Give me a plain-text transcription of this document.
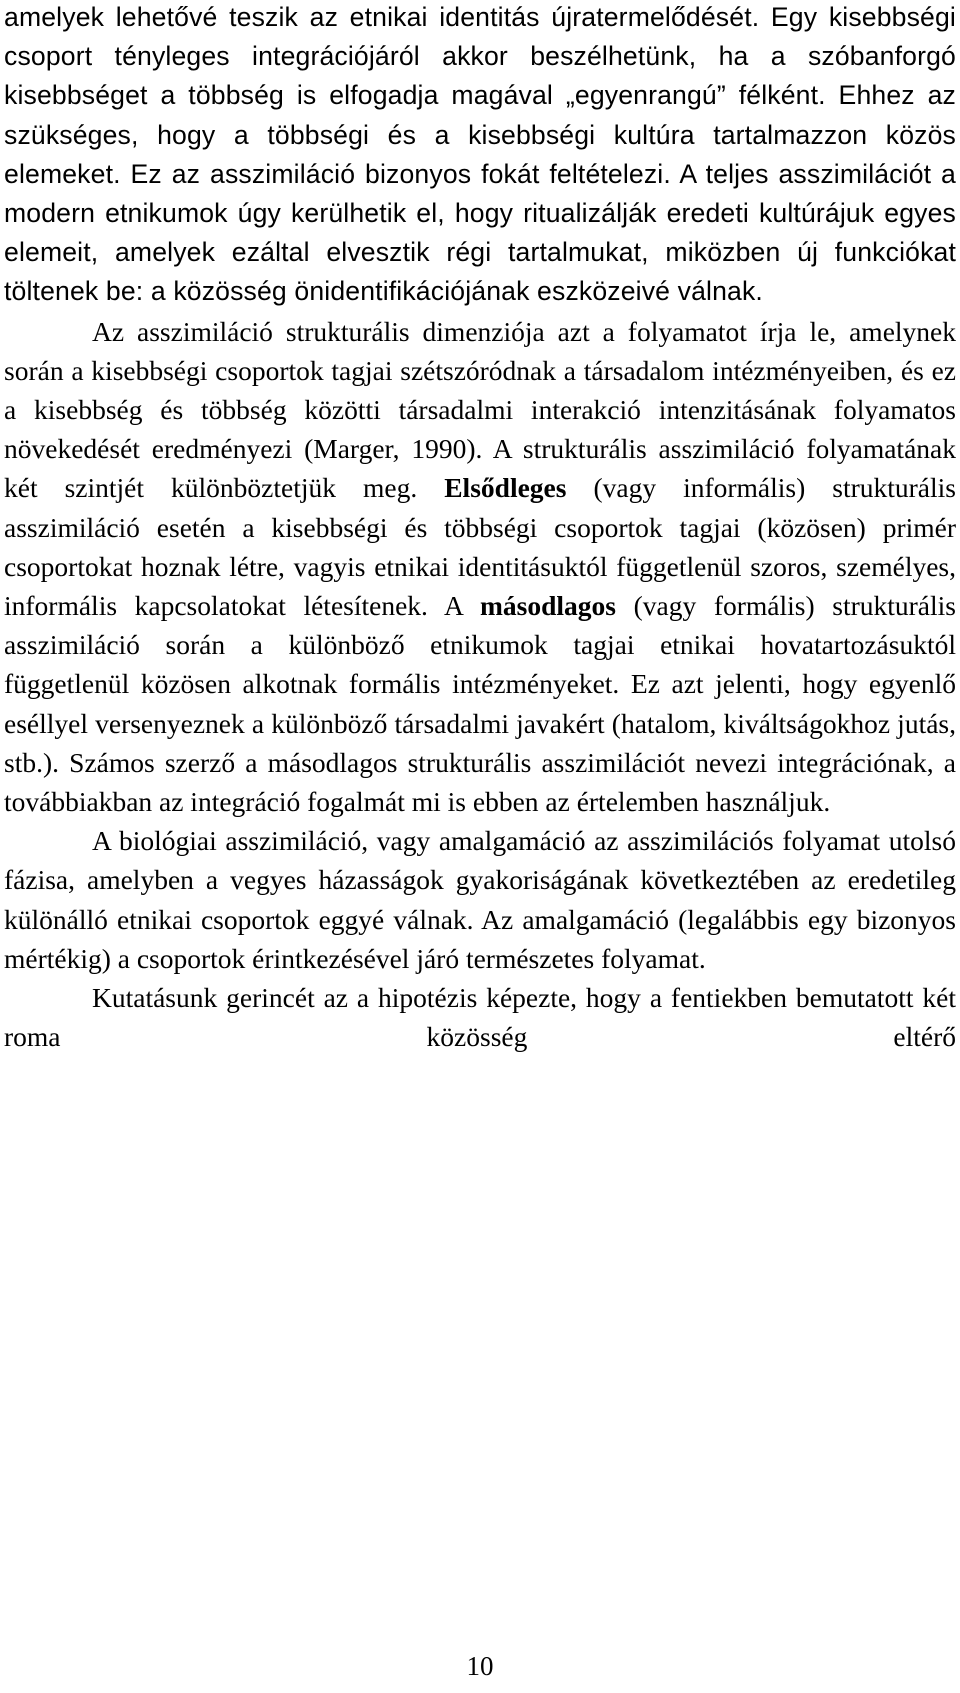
amelyek lehetővé teszik az etnikai identitás újratermelődését. Egy kisebbségi csoport tényleges integrációjáról akkor beszélhetünk, ha a szóbanforgó kisebbséget a többség is elfogadja magával „egyenrangú” félként. Ehhez az szükséges, hogy a többségi és a kisebbségi kultúra tartalmazzon közös elemeket. Ez az asszimiláció bizonyos fokát feltételezi. A teljes asszimilációt a modern etnikumok úgy kerülhetik el, hogy ritualizálják eredeti kultúrájuk egyes elemeit, amelyek ezáltal elvesztik régi tartalmukat, miközben új funkciókat töltenek be: a közösség önidentifikációjának eszközeivé válnak.

Az asszimiláció strukturális dimenziója azt a folyamatot írja le, amelynek során a kisebbségi csoportok tagjai szétszóródnak a társadalom intézményeiben, és ez a kisebbség és többség közötti társadalmi interakció intenzitásának folyamatos növekedését eredményezi (Marger, 1990). A strukturális asszimiláció folyamatának két szintjét különböztetjük meg. Elsődleges (vagy informális) strukturális asszimiláció esetén a kisebbségi és többségi csoportok tagjai (közösen) primér csoportokat hoznak létre, vagyis etnikai identitásuktól függetlenül szoros, személyes, informális kapcsolatokat létesítenek. A másodlagos (vagy formális) strukturális asszimiláció során a különböző etnikumok tagjai etnikai hovatartozásuktól függetlenül közösen alkotnak formális intézményeket. Ez azt jelenti, hogy egyenlő eséllyel versenyeznek a különböző társadalmi javakért (hatalom, kiváltságokhoz jutás, stb.). Számos szerző a másodlagos strukturális asszimilációt nevezi integrációnak, a továbbiakban az integráció fogalmát mi is ebben az értelemben használjuk.

A biológiai asszimiláció, vagy amalgamáció az asszimilációs folyamat utolsó fázisa, amelyben a vegyes házasságok gyakoriságának következtében az eredetileg különálló etnikai csoportok eggyé válnak. Az amalgamáció (legalábbis egy bizonyos mértékig) a csoportok érintkezésével járó természetes folyamat.

Kutatásunk gerincét az a hipotézis képezte, hogy a fentiekben bemutatott két roma közösség eltérő

10
